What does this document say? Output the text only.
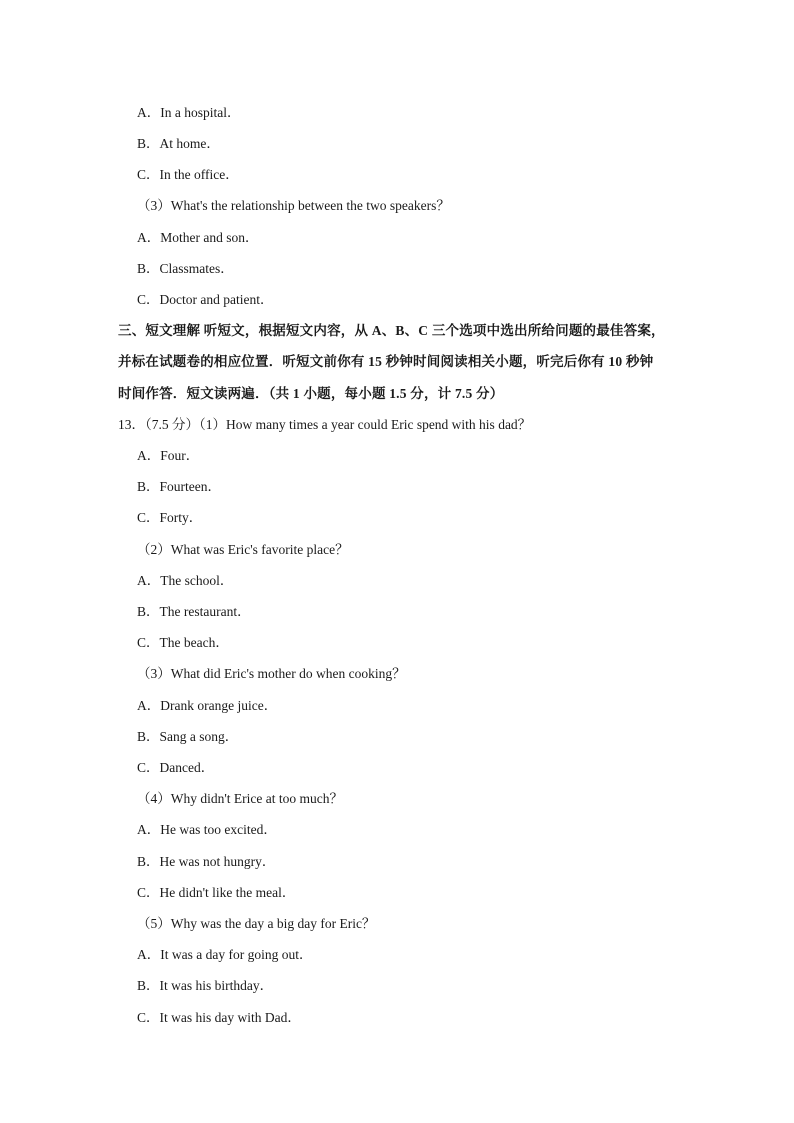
A．In a hospital．
B．At home．
C．In the office．
（3）What's the relationship between the two speakers？
A．Mother and son．
B．Classmates．
C．Doctor and patient．
三、短文理解 听短文，根据短文内容，从 A、B、C 三个选项中选出所给问题的最佳答案，
并标在试题卷的相应位置．听短文前你有 15 秒钟时间阅读相关小题，听完后你有 10 秒钟
时间作答．短文读两遍．（共 1 小题，每小题 1.5 分，计 7.5 分）
13．（7.5 分）（1）How many times a year could Eric spend with his dad？
A．Four．
B．Fourteen．
C．Forty．
（2）What was Eric's favorite place？
A．The school．
B．The restaurant．
C．The beach．
（3）What did Eric's mother do when cooking？
A．Drank orange juice．
B．Sang a song．
C．Danced．
（4）Why didn't Erice at too much？
A．He was too excited．
B．He was not hungry．
C．He didn't like the meal．
（5）Why was the day a big day for Eric？
A．It was a day for going out．
B．It was his birthday．
C．It was his day with Dad．
